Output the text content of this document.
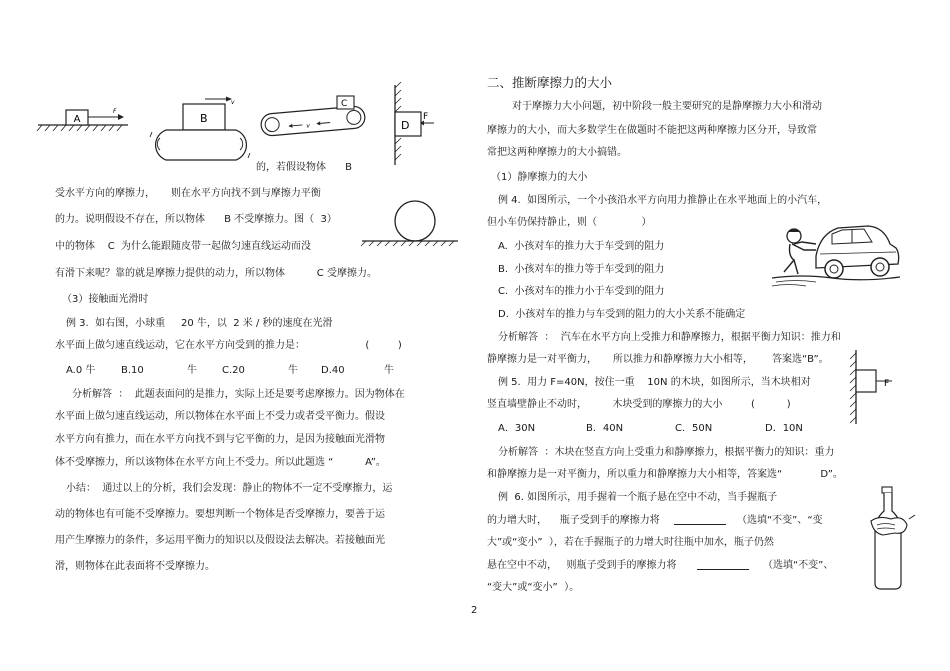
A
F
B
v
v
C
D
F
的，若假设物体      B
受水平方向的摩擦力，     则在水平方向找不到与摩擦力平衡
的力。说明假设不存在，所以物体      B 不受摩擦力。图（  3）
中的物体    C  为什么能跟随皮带一起做匀速直线运动而没
有滑下来呢？靠的就是摩擦力提供的动力，所以物体          C 受摩擦力。
（3）接触面光滑时
例 3.  如右图，小球重     20 牛，以  2 米 / 秒的速度在光滑
水平面上做匀速直线运动，它在水平方向受到的推力是：                   (         )
A.0 牛	B.10	牛	C.20	牛 D.40	牛
分析解答  ：  此题表面问的是推力，实际上还是要考虑摩擦力。因为物体在
水平面上做匀速直线运动，所以物体在水平面上不受力或者受平衡力。假设
水平方向有推力，而在水平方向找不到与它平衡的力，是因为接触面光滑物
体不受摩擦力，所以该物体在水平方向上不受力。所以此题选 “          A”。
小结：  通过以上的分析，我们会发现：静止的物体不一定不受摩擦力，运
动的物体也有可能不受摩擦力。要想判断一个物体是否受摩擦力，要善于运
用产生摩擦力的条件，多运用平衡力的知识以及假设法去解决。若接触面光
滑，则物体在此表面将不受摩擦力。
二、推断摩擦力的大小
对于摩擦力大小问题，初中阶段一般主要研究的是静摩擦力大小和滑动
摩擦力的大小，而大多数学生在做题时不能把这两种摩擦力区分开，导致常
常把这两种摩擦力的大小搞错。
（1）静摩擦力的大小
例 4.  如图所示，一个小孩沿水平方向用力推静止在水平地面上的小汽车，
但小车仍保持静止，则（              ）
A.  小孩对车的推力大于车受到的阻力
B.  小孩对车的推力等于车受到的阻力
C.  小孩对车的推力小于车受到的阻力
D.  小孩对车的推力与车受到的阻力的大小关系不能确定
分析解答  ：  汽车在水平方向上受推力和静摩擦力，根据平衡力知识：推力和
静摩擦力是一对平衡力，     所以推力和静摩擦力大小相等，      答案选“B”。
例 5.  用力 F=40N，按住一重    10N 的木块，如图所示，当木块相对
竖直墙壁静止不动时，        木块受到的摩擦力的大小         (          )
A．30N	B．40N	C．50N	D．10N
分析解答  ：木块在竖直方向上受重力和静摩擦力，根据平衡力的知识：重力
和静摩擦力是一对平衡力，所以重力和静摩擦力大小相等，答案选“            D”。
例  6. 如图所示，用手握着一个瓶子悬在空中不动，当手握瓶子
的力增大时，    瓶子受到手的摩擦力将	（选填“不变”、“变
大”或“变小”  ），若在手握瓶子的力增大时往瓶中加水，瓶子仍然
悬在空中不动，   则瓶子受到手的摩擦力将	（选填“不变”、
“变大”或“变小”  ）。
F
2
